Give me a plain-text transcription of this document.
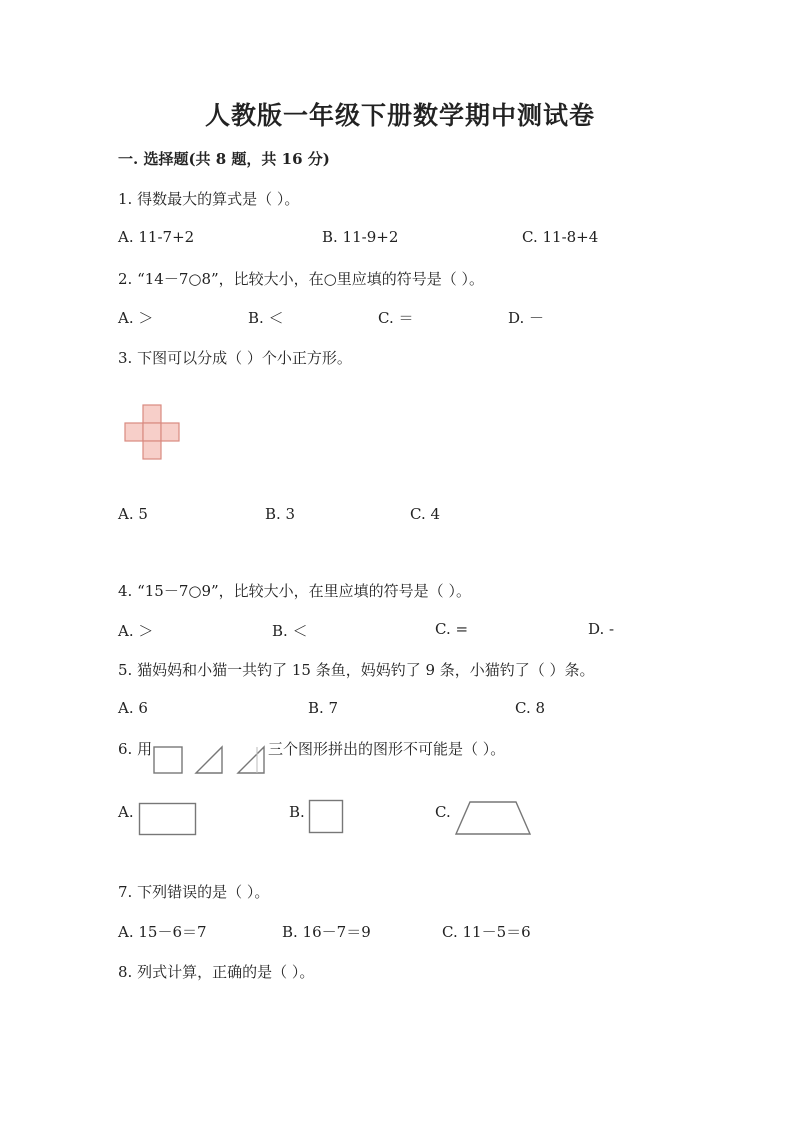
人教版一年级下册数学期中测试卷
一. 选择题(共 8 题，共 16 分)
1. 得数最大的算式是（ ）。
A. 11-7+2	B. 11-9+2	C. 11-8+4
2. “14－7○8”，比较大小，在○里应填的符号是（ ）。
A. ＞	B. ＜	C. ＝	D. －
3. 下图可以分成（ ）个小正方形。
A. 5	B. 3	C. 4
4. “15－7○9”，比较大小，在里应填的符号是（ ）。
A. ＞	B. ＜	C. =	D. -
5. 猫妈妈和小猫一共钓了 15 条鱼，妈妈钓了 9 条，小猫钓了（ ）条。
A. 6	B. 7	C. 8
6. 用	三个图形拼出的图形不可能是（ ）。
A.	B.	C.
7. 下列错误的是（ ）。
A. 15－6＝7	B. 16－7＝9	C. 11－5＝6
8. 列式计算，正确的是（ ）。
